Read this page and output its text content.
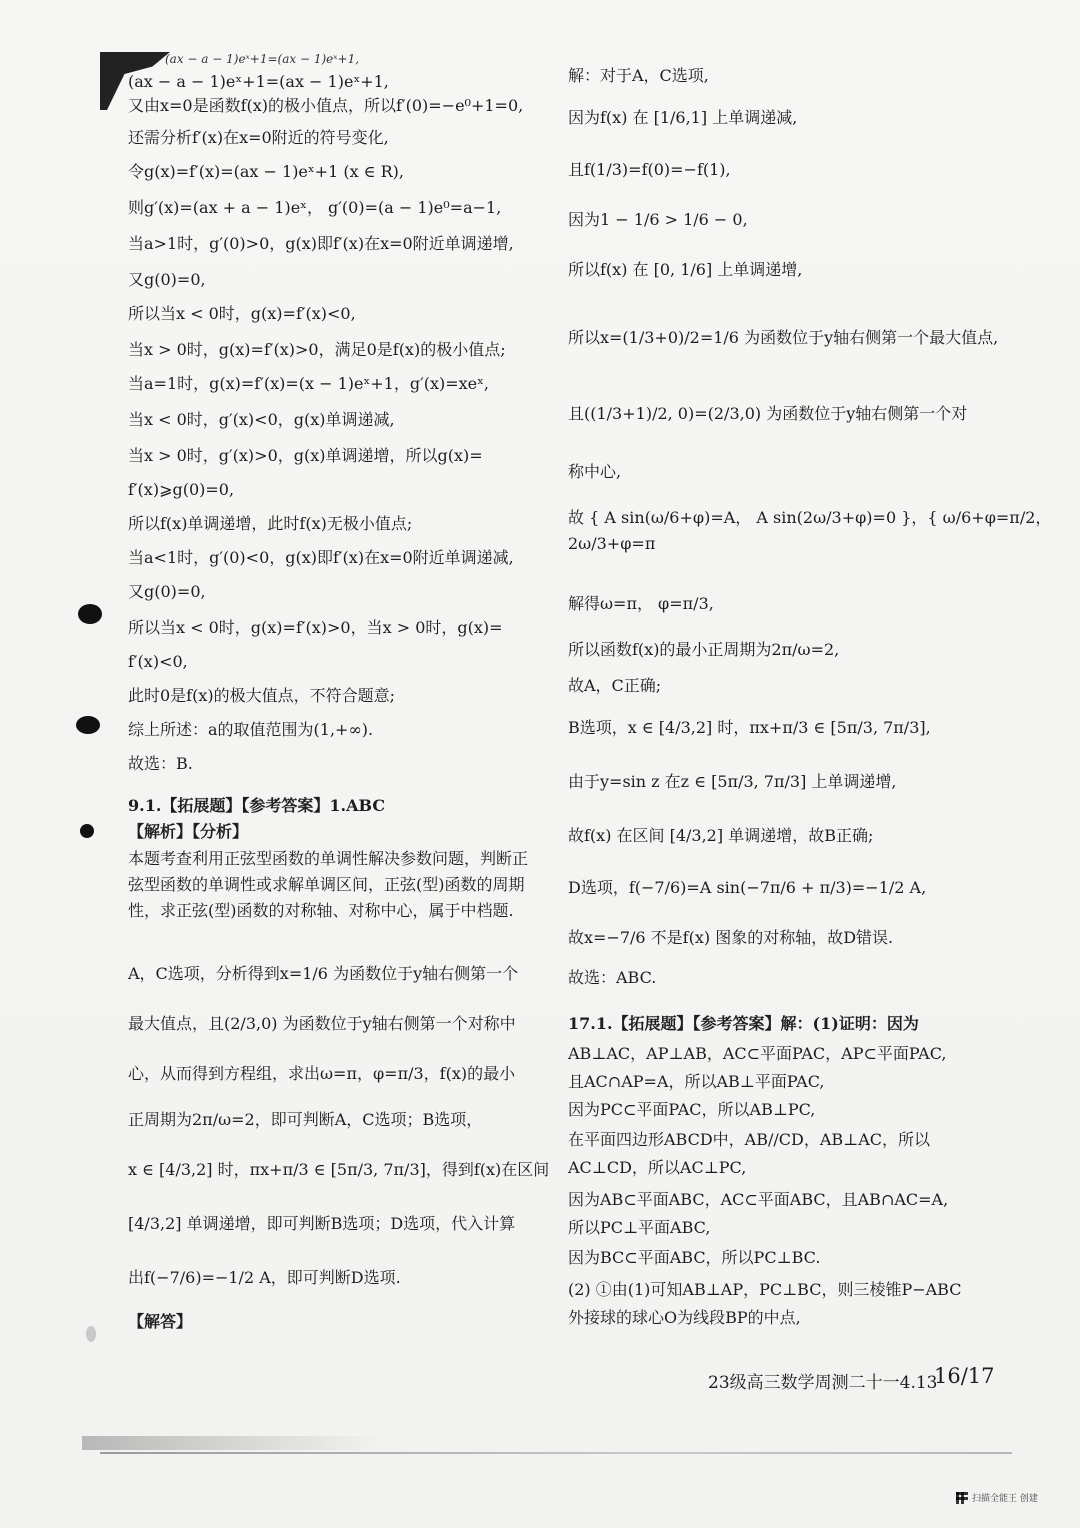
(ax − a − 1)eˣ+1=(ax − 1)eˣ+1,
(ax − a − 1)eˣ+1=(ax − 1)eˣ+1,
又由x=0是函数f(x)的极小值点，所以f′(0)=−e⁰+1=0,
还需分析f′(x)在x=0附近的符号变化,
令g(x)=f′(x)=(ax − 1)eˣ+1 (x ∈ R),
则g′(x)=(ax + a − 1)eˣ， g′(0)=(a − 1)e⁰=a−1,
当a>1时，g′(0)>0，g(x)即f′(x)在x=0附近单调递增,
又g(0)=0,
所以当x < 0时，g(x)=f′(x)<0,
当x > 0时，g(x)=f′(x)>0，满足0是f(x)的极小值点;
当a=1时，g(x)=f′(x)=(x − 1)eˣ+1，g′(x)=xeˣ,
当x < 0时，g′(x)<0，g(x)单调递减,
当x > 0时，g′(x)>0，g(x)单调递增，所以g(x)=
f′(x)⩾g(0)=0,
所以f(x)单调递增，此时f(x)无极小值点;
当a<1时，g′(0)<0，g(x)即f′(x)在x=0附近单调递减,
又g(0)=0,
所以当x < 0时，g(x)=f′(x)>0，当x > 0时，g(x)=
f′(x)<0,
此时0是f(x)的极大值点，不符合题意;
综上所述：a的取值范围为(1,+∞).
故选：B.
9.1.【拓展题】【参考答案】1.ABC
【解析】【分析】
本题考查利用正弦型函数的单调性解决参数问题，判断正弦型函数的单调性或求解单调区间，正弦(型)函数的周期性，求正弦(型)函数的对称轴、对称中心，属于中档题.
A，C选项，分析得到x=1/6 为函数位于y轴右侧第一个
最大值点，且(2/3,0) 为函数位于y轴右侧第一个对称中
心，从而得到方程组，求出ω=π，φ=π/3，f(x)的最小
正周期为2π/ω=2，即可判断A，C选项；B选项，
x ∈ [4/3,2] 时，πx+π/3 ∈ [5π/3, 7π/3]，得到f(x)在区间
[4/3,2] 单调递增，即可判断B选项；D选项，代入计算
出f(−7/6)=−1/2 A，即可判断D选项.
【解答】
解：对于A，C选项,
因为f(x) 在 [1/6,1] 上单调递减,
且f(1/3)=f(0)=−f(1),
因为1 − 1/6 > 1/6 − 0,
所以f(x) 在 [0, 1/6] 上单调递增,
所以x=(1/3+0)/2=1/6 为函数位于y轴右侧第一个最大值点,
且((1/3+1)/2, 0)=(2/3,0) 为函数位于y轴右侧第一个对
称中心,
故 { A sin(ω/6+φ)=A， A sin(2ω/3+φ)=0 }，{ ω/6+φ=π/2，
2ω/3+φ=π
解得ω=π， φ=π/3,
所以函数f(x)的最小正周期为2π/ω=2,
故A，C正确;
B选项，x ∈ [4/3,2] 时，πx+π/3 ∈ [5π/3, 7π/3],
由于y=sin z 在z ∈ [5π/3, 7π/3] 上单调递增,
故f(x) 在区间 [4/3,2] 单调递增，故B正确;
D选项，f(−7/6)=A sin(−7π/6 + π/3)=−1/2 A,
故x=−7/6 不是f(x) 图象的对称轴，故D错误.
故选：ABC.
17.1.【拓展题】【参考答案】解：(1)证明：因为
AB⊥AC，AP⊥AB，AC⊂平面PAC，AP⊂平面PAC,
且AC∩AP=A，所以AB⊥平面PAC,
因为PC⊂平面PAC，所以AB⊥PC,
在平面四边形ABCD中，AB//CD，AB⊥AC，所以
AC⊥CD，所以AC⊥PC,
因为AB⊂平面ABC，AC⊂平面ABC，且AB∩AC=A,
所以PC⊥平面ABC,
因为BC⊂平面ABC，所以PC⊥BC.
(2) ①由(1)可知AB⊥AP，PC⊥BC，则三棱锥P−ABC
外接球的球心O为线段BP的中点,
23级高三数学周测二十一4.13
16/17
扫描全能王 创建
